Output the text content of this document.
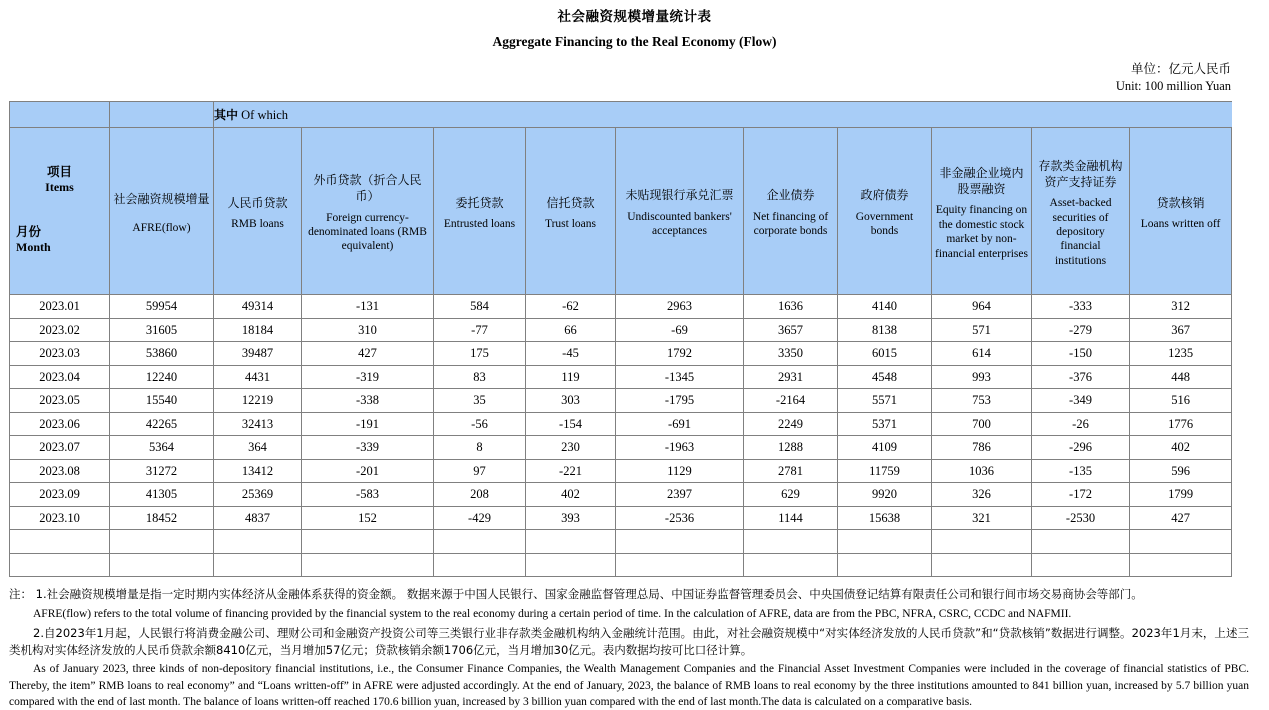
社会融资规模增量统计表
Aggregate Financing to the Real Economy (Flow)
单位：亿元人民币
Unit: 100 million Yuan
		其中 Of which									

项目
Items
月份
Month

社会融资规模增量
AFRE(flow)

人民币贷款
RMB loans

外币贷款（折合人民币）
Foreign currency-denominated loans (RMB equivalent)

委托贷款
Entrusted loans

信托贷款
Trust loans

未贴现银行承兑汇票
Undiscounted bankers' acceptances

企业债券
Net financing of corporate bonds

政府债券
Government bonds

非金融企业境内股票融资
Equity financing on the domestic stock market by non-financial enterprises

存款类金融机构资产支持证券
Asset-backed securities of depository financial institutions

贷款核销
Loans written off

2023.01	59954	49314	-131	584	-62	2963	1636	4140	964	-333	312
2023.02	31605	18184	310	-77	66	-69	3657	8138	571	-279	367
2023.03	53860	39487	427	175	-45	1792	3350	6015	614	-150	1235
2023.04	12240	4431	-319	83	119	-1345	2931	4548	993	-376	448
2023.05	15540	12219	-338	35	303	-1795	-2164	5571	753	-349	516
2023.06	42265	32413	-191	-56	-154	-691	2249	5371	700	-26	1776
2023.07	5364	364	-339	8	230	-1963	1288	4109	786	-296	402
2023.08	31272	13412	-201	97	-221	1129	2781	11759	1036	-135	596
2023.09	41305	25369	-583	208	402	2397	629	9920	326	-172	1799
2023.10	18452	4837	152	-429	393	-2536	1144	15638	321	-2530	427

注： 1.社会融资规模增量是指一定时期内实体经济从金融体系获得的资金额。 数据来源于中国人民银行、国家金融监督管理总局、中国证券监督管理委员会、中央国债登记结算有限责任公司和银行间市场交易商协会等部门。
AFRE(flow) refers to the total volume of financing provided by the financial system to the real economy during a certain period of time. In the calculation of AFRE, data are from the PBC, NFRA, CSRC, CCDC and NAFMII.
2.自2023年1月起，人民银行将消费金融公司、理财公司和金融资产投资公司等三类银行业非存款类金融机构纳入金融统计范围。由此，对社会融资规模中“对实体经济发放的人民币贷款”和“贷款核销”数据进行调整。2023年1月末，上述三类机构对实体经济发放的人民币贷款余额8410亿元，当月增加57亿元；贷款核销余额1706亿元，当月增加30亿元。表内数据均按可比口径计算。
As of January 2023, three kinds of non-depository financial institutions, i.e., the Consumer Finance Companies, the Wealth Management Companies and the Financial Asset Investment Companies were included in the coverage of financial statistics of PBC. Thereby, the item” RMB loans to real economy” and “Loans written-off” in AFRE were adjusted accordingly. At the end of January, 2023, the balance of RMB loans to real economy by the three institutions amounted to 841 billion yuan, increased by 5.7 billion yuan compared with the end of last month. The balance of loans written-off reached 170.6 billion yuan, increased by 3 billion yuan compared with the end of last month.The data is calculated on a comparative basis.
